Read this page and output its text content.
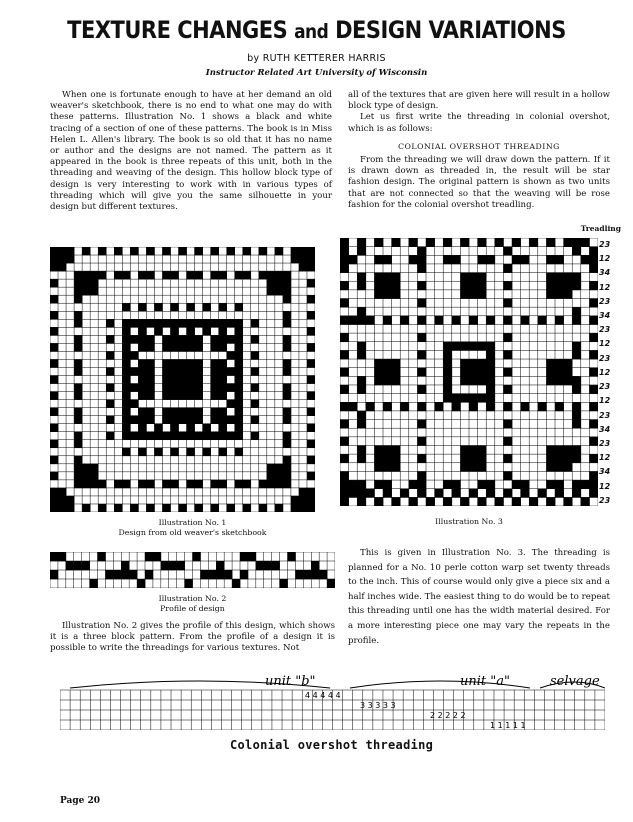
TEXTURE CHANGES and DESIGN VARIATIONS
by RUTH KETTERER HARRIS
Instructor Related Art University of Wisconsin

When one is fortunate enough to have at her demand an old weaver's sketchbook, there is no end to what one may do with these patterns. Illustration No. 1 shows a black and white tracing of a section of one of these patterns. The book is in Miss Helen L. Allen's library. The book is so old that it has no name or author and the designs are not named. The pattern as it appeared in the book is three repeats of this unit, both in the threading and weaving of the design. This hollow block type of design is very interesting to work with in various types of threading which will give you the same silhouette in your design but different textures.

all of the textures that are given here will result in a hollow block type of design.

Let us first write the threading in colonial overshot, which is as follows:

COLONIAL OVERSHOT THREADING

From the threading we will draw down the pattern. If it is drawn down as threaded in, the result will be star fashion design. The original pattern is shown as two units that are not connected so that the weaving will be rose fashion for the colonial overshot treadling.

Treadling
23
12
34
12
23
34
23
12
23
12
23
12
23
34
23
12
34
12
23
Illustration No. 1
Design from old weaver's sketchbook
Illustration No. 3
Illustration No. 2
Profile of design

Illustration No. 2 gives the profile of this design, which shows it is a three block pattern. From the profile of a design it is possible to write the threadings for various textures. Not

This is given in Illustration No. 3. The threading is planned for a No. 10 perle cotton warp set twenty threads to the inch. This of course would only give a piece six and a half inches wide. The easiest thing to do would be to repeat this threading until one has the width material desired. For a more interesting piece one may vary the repeats in the profile.

unit "b"	unit "a"	selvage
4 4 4 4 4
3 3 3 3 3
2 2 2 2 2
1 1 1 1 1
Colonial overshot threading
Page 20
